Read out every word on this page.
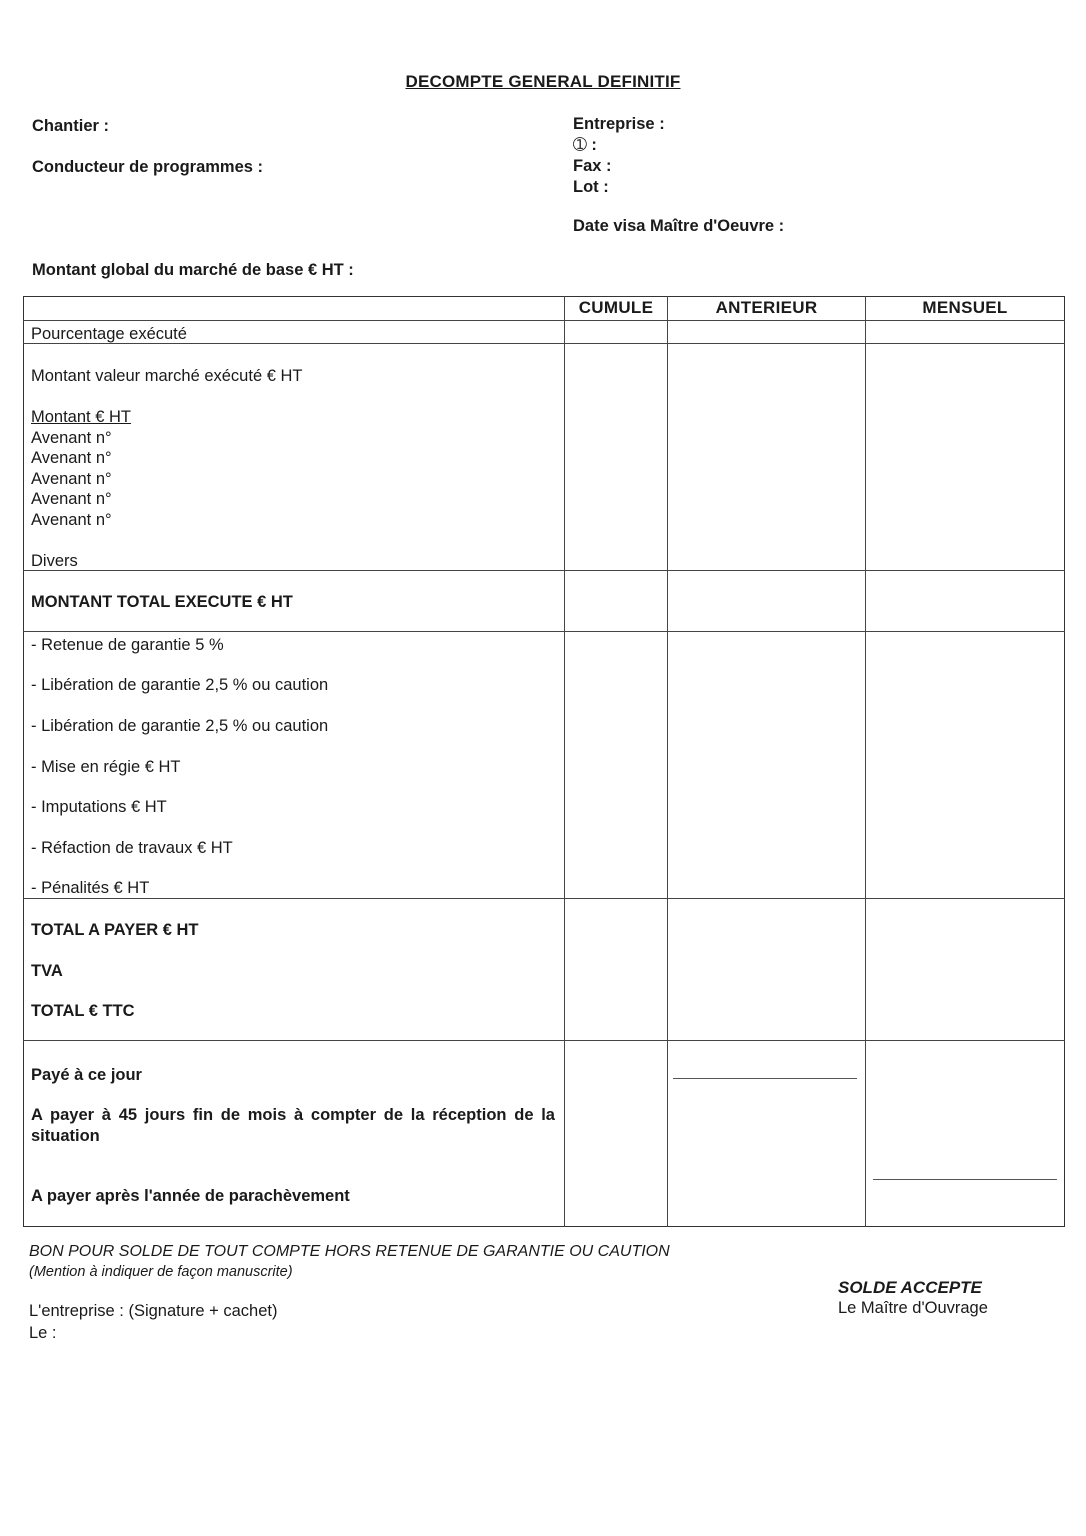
DECOMPTE GENERAL DEFINITIF
Chantier :
Conducteur de programmes :
Entreprise :
➀ :
Fax :
Lot :
Date visa Maître d'Oeuvre :
Montant global du marché de base € HT :
CUMULE	ANTERIEUR	MENSUEL
Pourcentage exécuté
Montant valeur marché exécuté € HT
Montant € HT
Avenant n°
Avenant n°
Avenant n°
Avenant n°
Avenant n°
Divers
MONTANT TOTAL EXECUTE € HT
- Retenue de garantie 5 %
- Libération de garantie 2,5 % ou caution
- Libération de garantie 2,5 % ou caution
- Mise en régie € HT
- Imputations € HT
- Réfaction de travaux € HT
- Pénalités € HT
TOTAL A PAYER € HT
TVA
TOTAL € TTC
Payé à ce jour
A payer à 45 jours fin de mois à compter de la réception de la situation
A payer après l'année de parachèvement
BON POUR SOLDE DE TOUT COMPTE HORS RETENUE DE GARANTIE OU CAUTION
(Mention à indiquer de façon manuscrite)
SOLDE ACCEPTE
Le Maître d'Ouvrage
L'entreprise : (Signature + cachet)
Le :
